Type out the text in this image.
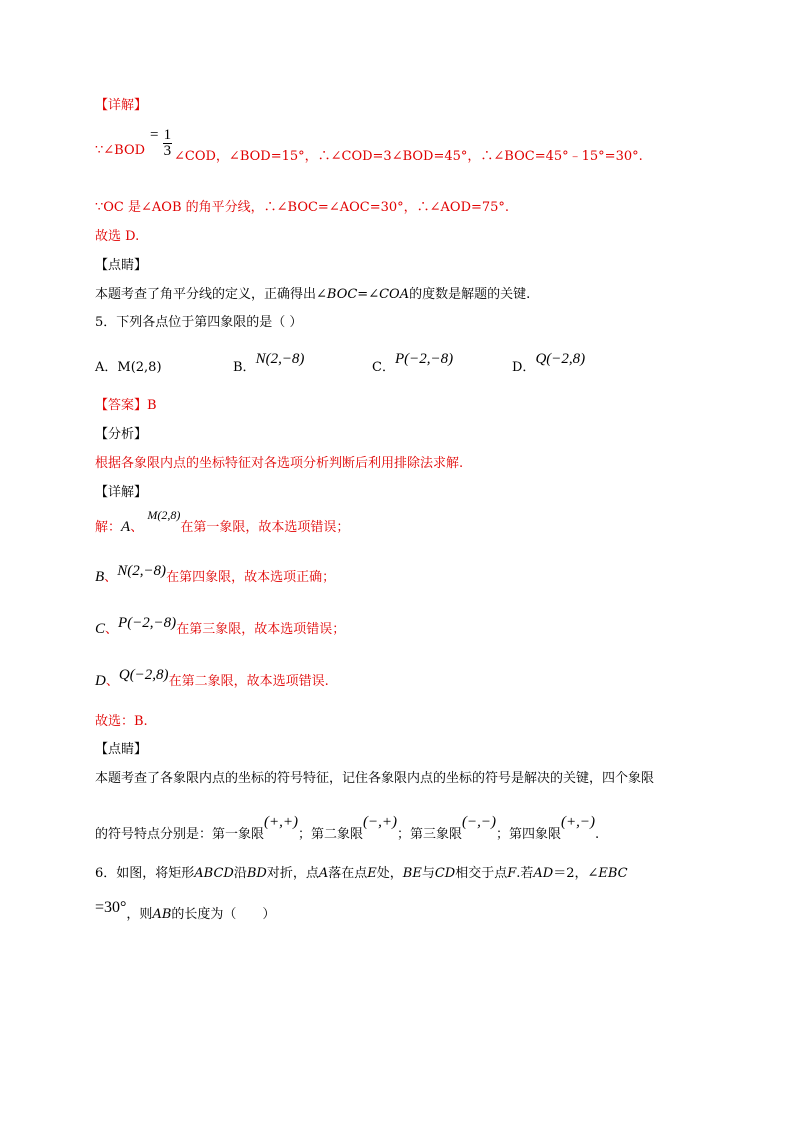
【详解】
∵∠BOD
= $\frac{1}{3}$ ∠COD，∠BOD=15°，∴∠COD=3∠BOD=45°，∴∠BOC=45°﹣15°=30°.
∵OC 是∠AOB 的角平分线，∴∠BOC=∠AOC=30°，∴∠AOD=75°.
故选 D.
【点睛】
本题考查了角平分线的定义，正确得出∠BOC=∠COA的度数是解题的关键.
5．下列各点位于第四象限的是（ ）
A．M(2,8)	B．N(2,−8)
C．P(−2,−8)
D．Q(−2,8)
【答案】B
【分析】
根据各象限内点的坐标特征对各选项分析判断后利用排除法求解.
【详解】
解：A、 M(2,8)在第一象限，故本选项错误；
B、N(2,−8)在第四象限，故本选项正确；
C、P(−2,−8)在第三象限，故本选项错误；
D、Q(−2,8)在第二象限，故本选项错误.
故选：B.
【点睛】
本题考查了各象限内点的坐标的符号特征，记住各象限内点的坐标的符号是解决的关键，四个象限
的符号特点分别是：第一象限(+,+)；第二象限(−,+)；第三象限(−,−)；第四象限(+,−).
6．如图，将矩形ABCD沿BD对折，点A落在点E处，BE与CD相交于点F.若AD＝2，∠EBC
=30°，则AB的长度为（　　）
